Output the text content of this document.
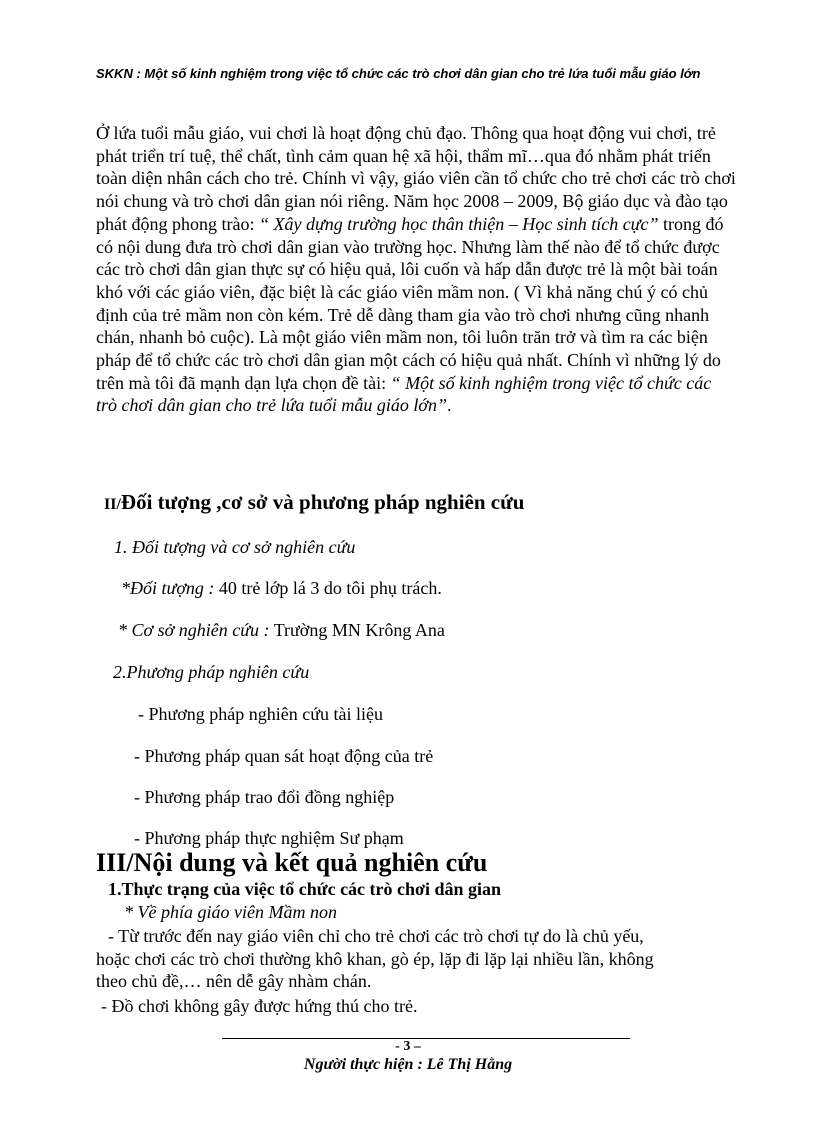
SKKN : Một số kinh nghiệm trong việc tổ chức các trò chơi dân gian cho trẻ lứa tuổi mẫu giáo lớn

Ở lứa tuổi mẫu giáo, vui chơi là hoạt động chủ đạo. Thông qua hoạt động vui chơi, trẻ phát triển trí tuệ, thể chất, tình cảm quan hệ xã hội, thẩm mĩ…qua đó nhằm phát triển toàn diện nhân cách cho trẻ. Chính vì vậy, giáo viên cần tổ chức cho trẻ chơi các trò chơi nói chung và trò chơi dân gian nói riêng. Năm học 2008 – 2009, Bộ giáo dục và đào tạo phát động phong trào: “ Xây dựng trường học thân thiện – Học sinh tích cực” trong đó có nội dung đưa trò chơi dân gian vào trường học. Nhưng làm thế nào để tổ chức được các trò chơi dân gian thực sự có hiệu quả, lôi cuốn và hấp dẫn được trẻ là một bài toán khó với các giáo viên, đặc biệt là các giáo viên mầm non. ( Vì khả năng chú ý có chủ định của trẻ mầm non còn kém. Trẻ dễ dàng tham gia vào trò chơi nhưng cũng nhanh chán, nhanh bỏ cuộc). Là một giáo viên mầm non, tôi luôn trăn trở và tìm ra các biện pháp để tổ chức các trò chơi dân gian một cách có hiệu quả nhất. Chính vì những lý do trên mà tôi đã mạnh dạn lựa chọn đề tài: “ Một số kinh nghiệm trong việc tổ chức các trò chơi dân gian cho trẻ lứa tuổi mẫu giáo lớn”.

II/Đối tượng ,cơ sở và phương pháp nghiên cứu
1. Đối tượng và cơ sở nghiên cứu
*Đối tượng : 40 trẻ lớp lá 3 do tôi phụ trách.
* Cơ sở nghiên cứu : Trường MN Krông Ana
2.Phương pháp nghiên cứu
- Phương pháp nghiên cứu tài liệu
- Phương pháp quan sát hoạt động của trẻ
- Phương pháp trao đổi đồng nghiệp
- Phương pháp thực nghiệm Sư phạm
III/Nội dung và kết quả nghiên cứu
1.Thực trạng của việc tổ chức các trò chơi dân gian
* Về phía giáo viên Mầm non
- Từ trước đến nay giáo viên chỉ cho trẻ chơi các trò chơi tự do là chủ yếu,
hoặc chơi các trò chơi thường khô khan, gò ép, lặp đi lặp lại nhiều lần, không
theo chủ đề,… nên dễ gây nhàm chán.
- Đồ chơi không gây được hứng thú cho trẻ.
- 3 –
Người thực hiện : Lê Thị Hằng
